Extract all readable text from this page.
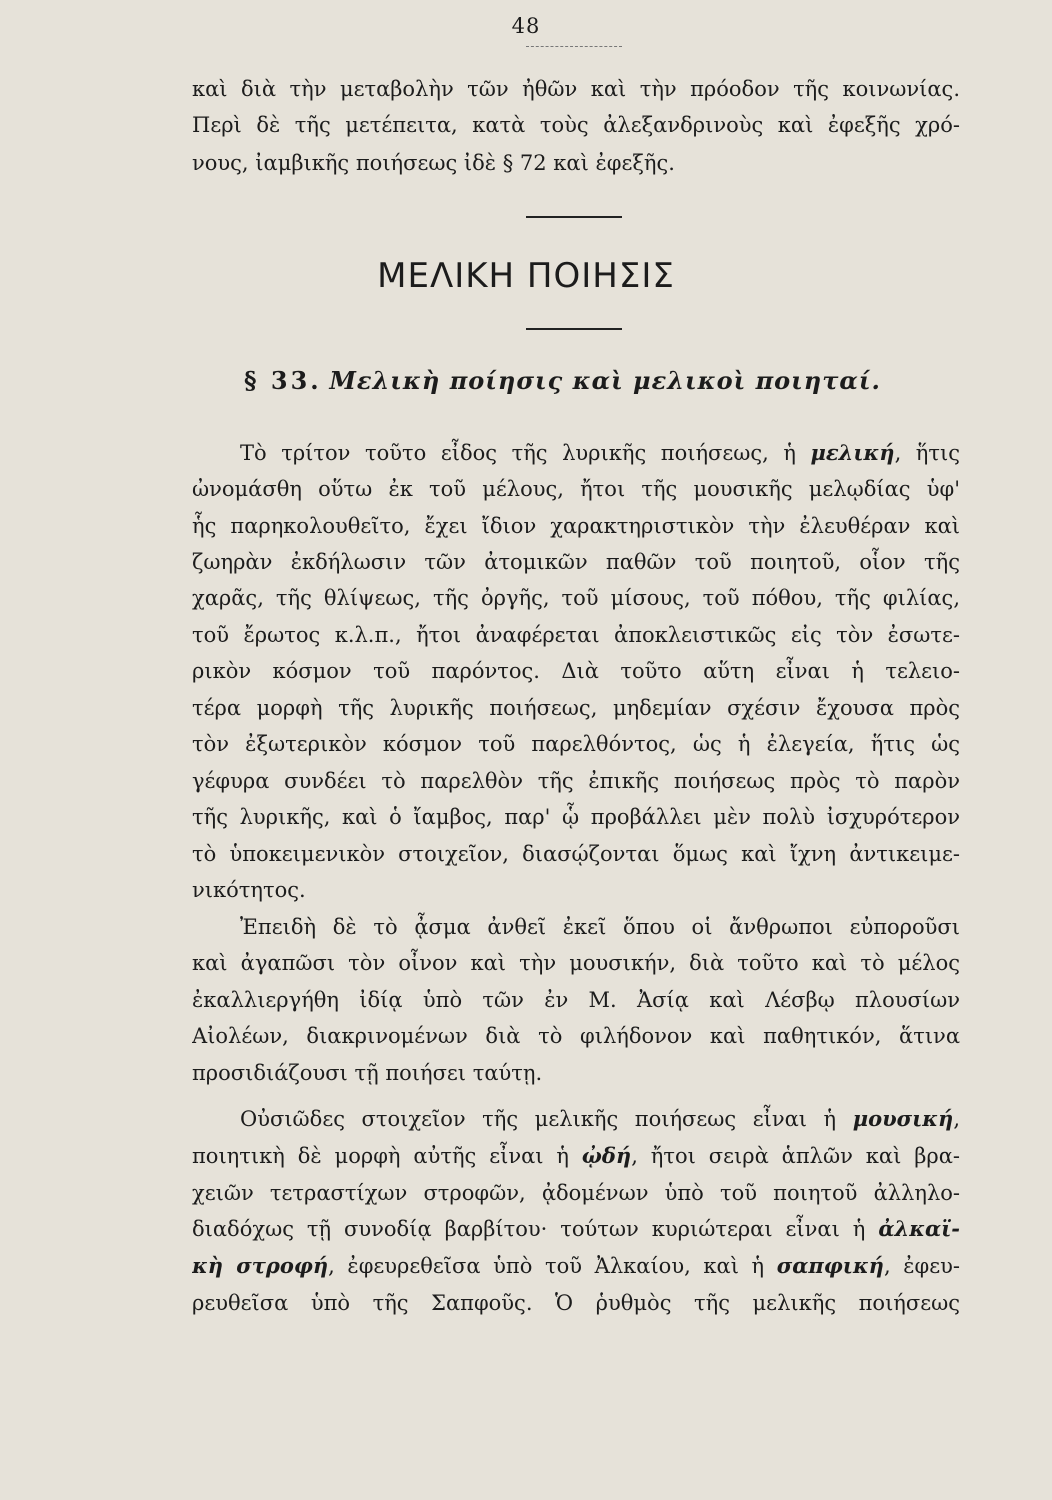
48
καὶ διὰ τὴν μεταβολὴν τῶν ἠθῶν καὶ τὴν πρόοδον τῆς κοινωνίας.
Περὶ δὲ τῆς μετέπειτα, κατὰ τοὺς ἀλεξανδρινοὺς καὶ ἐφεξῆς χρό-
νους, ἰαμβικῆς ποιήσεως ἰδὲ § 72 καὶ ἐφεξῆς.
ΜΕΛΙΚΗ ΠΟΙΗΣΙΣ
§ 33. Μελικὴ ποίησις καὶ μελικοὶ ποιηταί.
Τὸ τρίτον τοῦτο εἶδος τῆς λυρικῆς ποιήσεως, ἡ μελική, ἥτις
ὠνομάσθη οὕτω ἐκ τοῦ μέλους, ἤτοι τῆς μουσικῆς μελῳδίας ὑφ'
ἧς παρηκολουθεῖτο, ἔχει ἴδιον χαρακτηριστικὸν τὴν ἐλευθέραν καὶ
ζωηρὰν ἐκδήλωσιν τῶν ἀτομικῶν παθῶν τοῦ ποιητοῦ, οἷον τῆς
χαρᾶς, τῆς θλίψεως, τῆς ὀργῆς, τοῦ μίσους, τοῦ πόθου, τῆς φιλίας,
τοῦ ἔρωτος κ.λ.π., ἤτοι ἀναφέρεται ἀποκλειστικῶς εἰς τὸν ἐσωτε-
ρικὸν κόσμον τοῦ παρόντος. Διὰ τοῦτο αὕτη εἶναι ἡ τελειο-
τέρα μορφὴ τῆς λυρικῆς ποιήσεως, μηδεμίαν σχέσιν ἔχουσα πρὸς
τὸν ἐξωτερικὸν κόσμον τοῦ παρελθόντος, ὡς ἡ ἐλεγεία, ἥτις ὡς
γέφυρα συνδέει τὸ παρελθὸν τῆς ἐπικῆς ποιήσεως πρὸς τὸ παρὸν
τῆς λυρικῆς, καὶ ὁ ἴαμβος, παρ' ᾧ προβάλλει μὲν πολὺ ἰσχυρότερον
τὸ ὑποκειμενικὸν στοιχεῖον, διασῴζονται ὅμως καὶ ἴχνη ἀντικειμε-
νικότητος.
Ἐπειδὴ δὲ τὸ ᾆσμα ἀνθεῖ ἐκεῖ ὅπου οἱ ἄνθρωποι εὐποροῦσι
καὶ ἀγαπῶσι τὸν οἶνον καὶ τὴν μουσικήν, διὰ τοῦτο καὶ τὸ μέλος
ἐκαλλιεργήθη ἰδίᾳ ὑπὸ τῶν ἐν Μ. Ἀσίᾳ καὶ Λέσβῳ πλουσίων
Αἰολέων, διακρινομένων διὰ τὸ φιλήδονον καὶ παθητικόν, ἅτινα
προσιδιάζουσι τῇ ποιήσει ταύτῃ.
Οὐσιῶδες στοιχεῖον τῆς μελικῆς ποιήσεως εἶναι ἡ μουσική,
ποιητικὴ δὲ μορφὴ αὐτῆς εἶναι ἡ ᾠδή, ἤτοι σειρὰ ἁπλῶν καὶ βρα-
χειῶν τετραστίχων στροφῶν, ᾀδομένων ὑπὸ τοῦ ποιητοῦ ἀλληλο-
διαδόχως τῇ συνοδίᾳ βαρβίτου· τούτων κυριώτεραι εἶναι ἡ ἀλκαϊ-
κὴ στροφή, ἐφευρεθεῖσα ὑπὸ τοῦ Ἀλκαίου, καὶ ἡ σαπφική, ἐφευ-
ρευθεῖσα ὑπὸ τῆς Σαπφοῦς. Ὁ ῥυθμὸς τῆς μελικῆς ποιήσεως
